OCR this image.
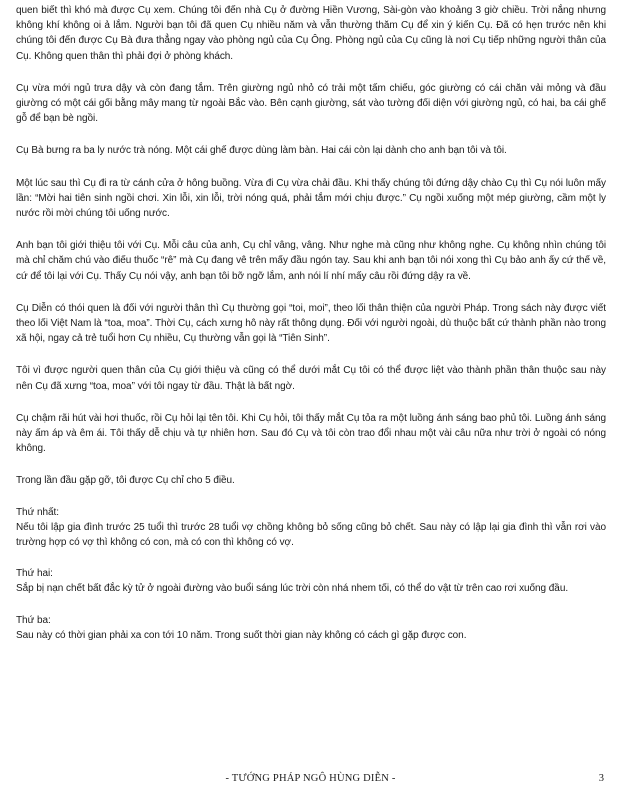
quen biết thì khó mà được Cụ xem. Chúng tôi đến nhà Cụ ở đường Hiền Vương, Sài-gòn vào khoảng 3 giờ chiều. Trời nắng nhưng không khí không oi ả lắm. Người bạn tôi đã quen Cụ nhiều năm và vẫn thường thăm Cụ để xin ý kiến Cụ. Đã có hẹn trước nên khi chúng tôi đến được Cụ Bà đưa thẳng ngay vào phòng ngủ của Cụ Ông. Phòng ngủ của Cụ cũng là nơi Cụ tiếp những người thân của Cụ. Không quen thân thì phải đợi ở phòng khách.

Cụ vừa mới ngủ trưa dậy và còn đang tắm. Trên giường ngủ nhỏ có trải một tấm chiếu, góc giường có cái chăn vải mỏng và đầu giường có một cái gối bằng mây mang từ ngoài Bắc vào. Bên cạnh giường, sát vào tường đối diện với giường ngủ, có hai, ba cái ghế gỗ để bạn bè ngồi.

Cụ Bà bưng ra ba ly nước trà nóng. Một cái ghế được dùng làm bàn. Hai cái còn lại dành cho anh bạn tôi và tôi.

Một lúc sau thì Cụ đi ra từ cánh cửa ở hông buồng. Vừa đi Cụ vừa chải đầu. Khi thấy chúng tôi đứng dậy chào Cụ thì Cụ nói luôn mấy lần: “Mời hai tiên sinh ngồi chơi. Xin lỗi, xin lỗi, trời nóng quá, phải tắm mới chịu được.” Cụ ngồi xuống một mép giường, cầm một ly nước rồi mời chúng tôi uống nước.

Anh bạn tôi giới thiệu tôi với Cụ. Mỗi câu của anh, Cụ chỉ vâng, vâng. Như nghe mà cũng như không nghe. Cụ không nhìn chúng tôi mà chỉ chăm chú vào điếu thuốc “rê” mà Cụ đang vê trên mấy đầu ngón tay. Sau khi anh bạn tôi nói xong thì Cụ bảo anh ấy cứ thế về, cứ để tôi lại với Cụ. Thấy Cụ nói vậy, anh bạn tôi bỡ ngỡ lắm, anh nói lí nhí mấy câu rồi đứng dậy ra về.

Cụ Diễn có thói quen là đối với người thân thì Cụ thường gọi “toi, moi”, theo lối thân thiện của người Pháp. Trong sách này được viết theo lối Việt Nam là “toa, moa”. Thời Cụ, cách xưng hô này rất thông dụng. Đối với người ngoài, dù thuộc bất cứ thành phần nào trong xã hội, ngay cả trẻ tuổi hơn Cụ nhiều, Cụ thường vẫn gọi là “Tiên Sinh”.

Tôi vì được người quen thân của Cụ giới thiệu và cũng có thể dưới mắt Cụ tôi có thể được liệt vào thành phần thân thuộc sau này nên Cụ đã xưng “toa, moa” với tôi ngay từ đầu. Thật là bất ngờ.

Cụ chậm rãi hút vài hơi thuốc, rồi Cụ hỏi lại tên tôi. Khi Cụ hỏi, tôi thấy mắt Cụ tỏa ra một luồng ánh sáng bao phủ tôi. Luồng ánh sáng này ấm áp và êm ái. Tôi thấy dễ chịu và tự nhiên hơn. Sau đó Cụ và tôi còn trao đổi nhau một vài câu nữa như trời ở ngoài có nóng không.

Trong lần đầu gặp gỡ, tôi được Cụ chỉ cho 5 điều.

Thứ nhất:
Nếu tôi lập gia đình trước 25 tuổi thì trước 28 tuổi vợ chồng không bỏ sống cũng bỏ chết. Sau này có lập lại gia đình thì vẫn rơi vào trường hợp có vợ thì không có con, mà có con thì không có vợ.
Thứ hai:
Sắp bị nạn chết bất đắc kỳ tử ở ngoài đường vào buổi sáng lúc trời còn nhá nhem tối, có thể do vật từ trên cao rơi xuống đầu.
Thứ ba:
Sau này có thời gian phải xa con tới 10 năm. Trong suốt thời gian này không có cách gì gặp được con.
- TƯỚNG PHÁP NGÔ HÙNG DIỄN -	3
